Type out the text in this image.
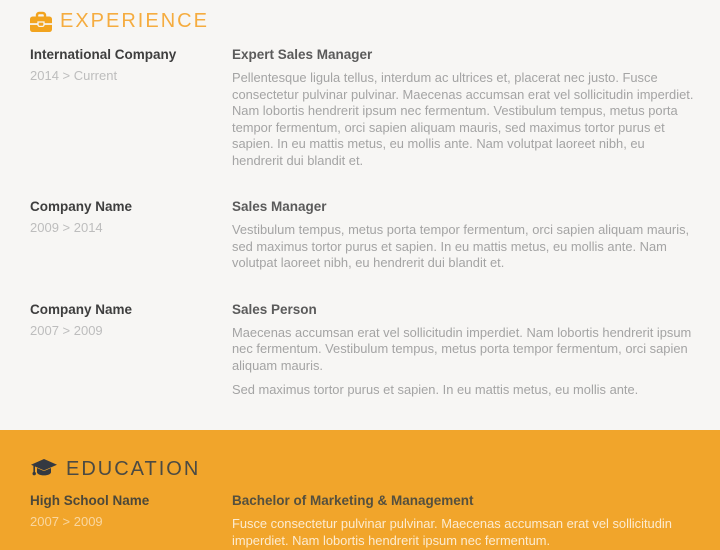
EXPERIENCE
International Company
2014 > Current
Expert Sales Manager

Pellentesque ligula tellus, interdum ac ultrices et, placerat nec justo. Fusce consectetur pulvinar pulvinar. Maecenas accumsan erat vel sollicitudin imperdiet. Nam lobortis hendrerit ipsum nec fermentum. Vestibulum tempus, metus porta tempor fermentum, orci sapien aliquam mauris, sed maximus tortor purus et sapien. In eu mattis metus, eu mollis ante. Nam volutpat laoreet nibh, eu hendrerit dui blandit et.

Company Name
2009 > 2014
Sales Manager

Vestibulum tempus, metus porta tempor fermentum, orci sapien aliquam mauris, sed maximus tortor purus et sapien. In eu mattis metus, eu mollis ante. Nam volutpat laoreet nibh, eu hendrerit dui blandit et.

Company Name
2007 > 2009
Sales Person

Maecenas accumsan erat vel sollicitudin imperdiet. Nam lobortis hendrerit ipsum nec fermentum. Vestibulum tempus, metus porta tempor fermentum, orci sapien aliquam mauris.

Sed maximus tortor purus et sapien. In eu mattis metus, eu mollis ante.

EDUCATION
High School Name
2007 > 2009
Bachelor of Marketing & Management

Fusce consectetur pulvinar pulvinar. Maecenas accumsan erat vel sollicitudin imperdiet. Nam lobortis hendrerit ipsum nec fermentum.
